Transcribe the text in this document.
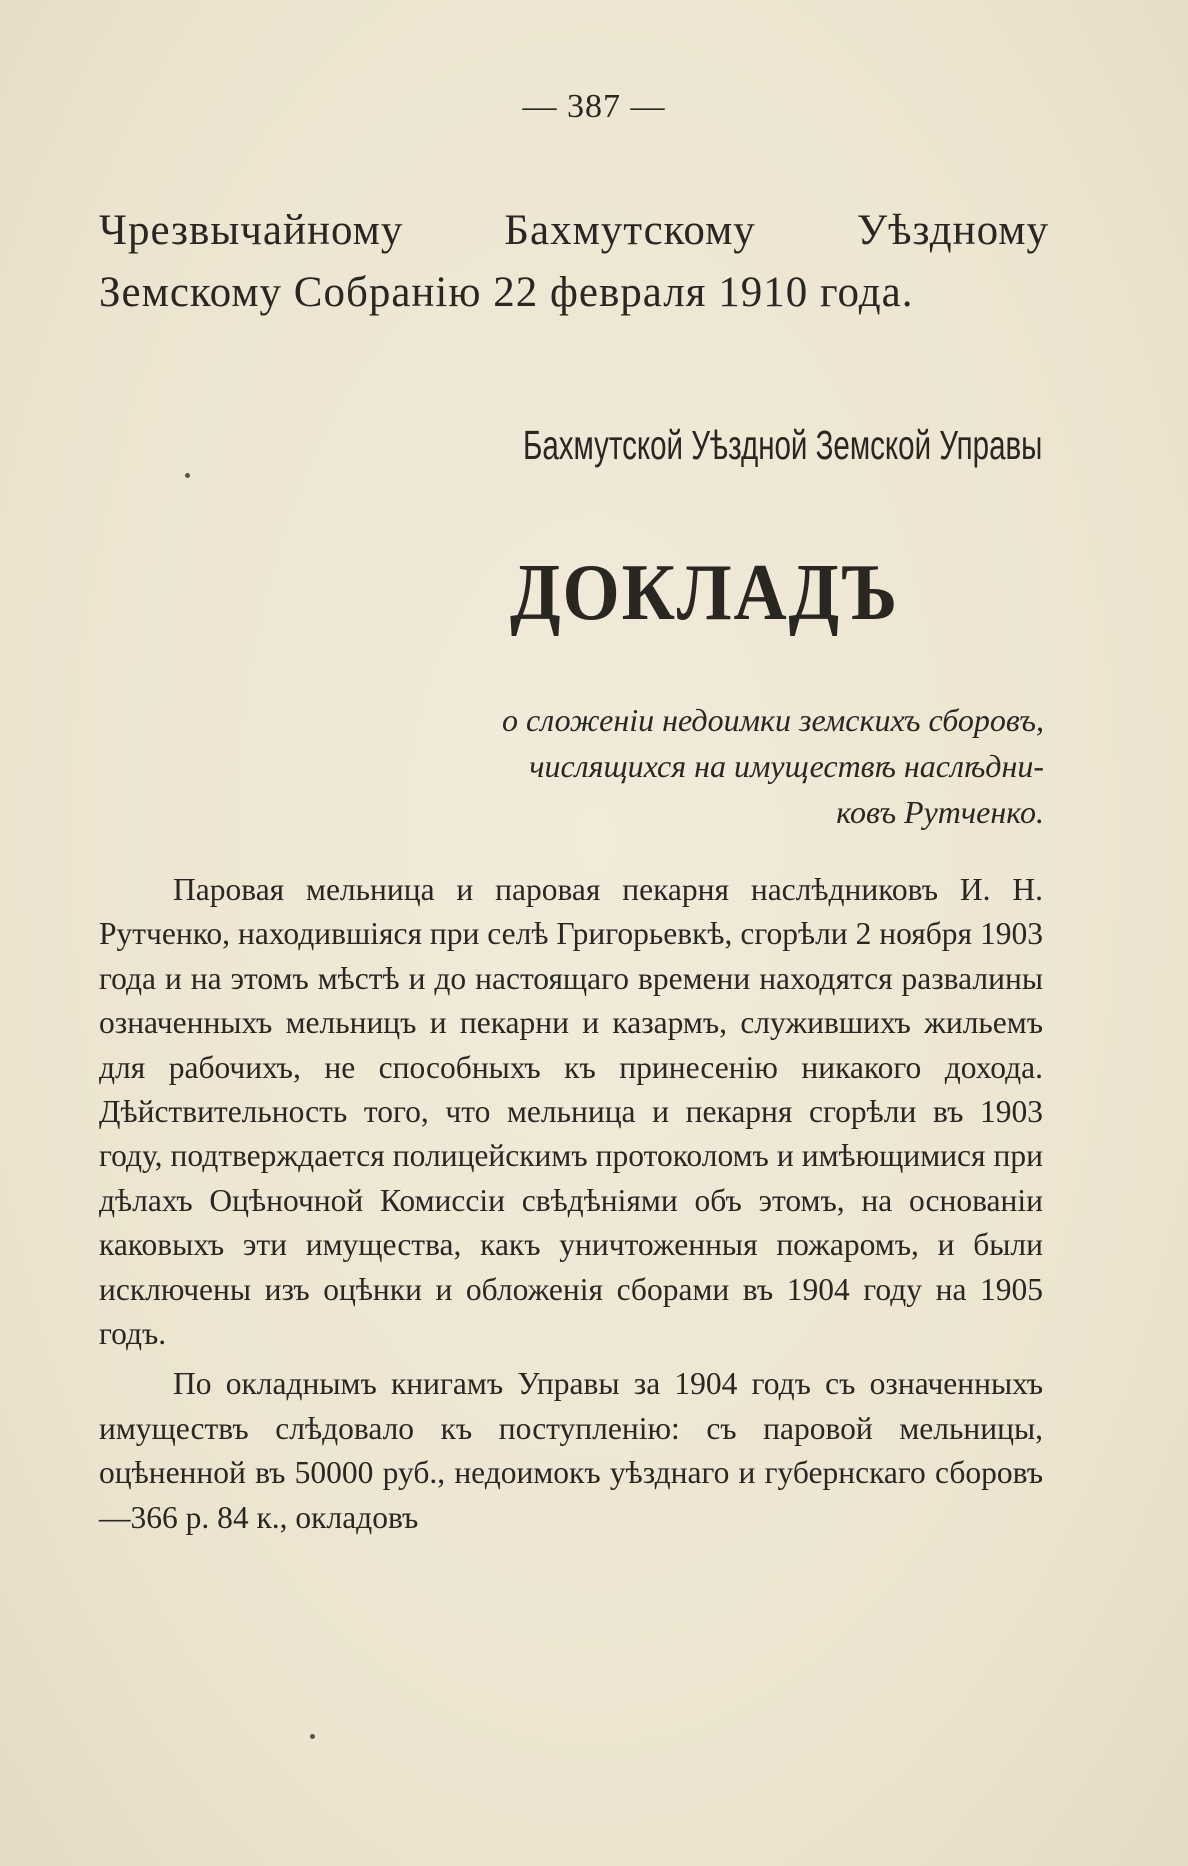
— 387 —
Чрезвычайному Бахмутскому Уѣздному Земскому Собранію 22 февраля 1910 года.
Бахмутской Уѣздной Земской Управы
ДОКЛАДЪ
о сложеніи недоимки земскихъ сборовъ,
числящихся на имуществѣ наслѣдни-
ковъ Рутченко.

Паровая мельница и паровая пекарня наслѣдниковъ И. Н. Рутченко, находившіяся при селѣ Григорьевкѣ, сгорѣли 2 ноября 1903 года и на этомъ мѣстѣ и до настоящаго времени находятся развалины означенныхъ мельницъ и пекарни и казармъ, служившихъ жильемъ для рабочихъ, не способныхъ къ принесенію никакого дохода. Дѣйствительность того, что мельница и пекарня сгорѣли въ 1903 году, подтверждается полицейскимъ протоколомъ и имѣющимися при дѣлахъ Оцѣночной Комиссіи свѣдѣніями объ этомъ, на основаніи каковыхъ эти имущества, какъ уничтоженныя пожаромъ, и были исключены изъ оцѣнки и обложенія сборами въ 1904 году на 1905 годъ.

По окладнымъ книгамъ Управы за 1904 годъ съ означенныхъ имуществъ слѣдовало къ поступленію: съ паровой мельницы, оцѣненной въ 50000 руб., недоимокъ уѣзднаго и губернскаго сборовъ—366 р. 84 к., окладовъ
